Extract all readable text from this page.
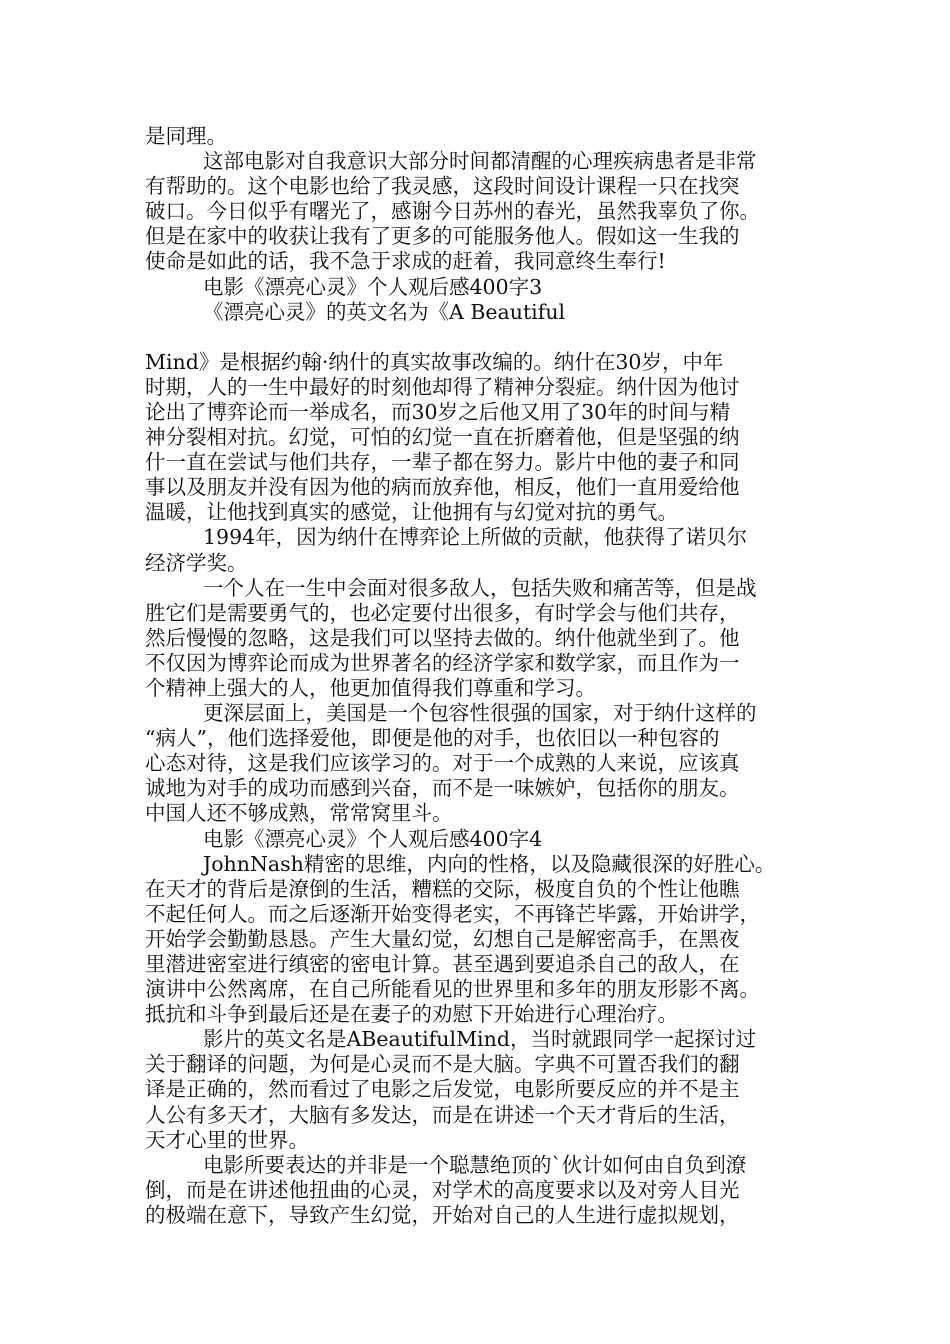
是同理。
这部电影对自我意识大部分时间都清醒的心理疾病患者是非常
有帮助的。这个电影也给了我灵感，这段时间设计课程一只在找突
破口。今日似乎有曙光了，感谢今日苏州的春光，虽然我辜负了你。
但是在家中的收获让我有了更多的可能服务他人。假如这一生我的
使命是如此的话，我不急于求成的赶着，我同意终生奉行!
电影《漂亮心灵》个人观后感400字3
《漂亮心灵》的英文名为《A Beautiful
Mind》是根据约翰·纳什的真实故事改编的。纳什在30岁，中年
时期，人的一生中最好的时刻他却得了精神分裂症。纳什因为他讨
论出了博弈论而一举成名，而30岁之后他又用了30年的时间与精
神分裂相对抗。幻觉，可怕的幻觉一直在折磨着他，但是坚强的纳
什一直在尝试与他们共存，一辈子都在努力。影片中他的妻子和同
事以及朋友并没有因为他的病而放弃他，相反，他们一直用爱给他
温暖，让他找到真实的感觉，让他拥有与幻觉对抗的勇气。
1994年，因为纳什在博弈论上所做的贡献，他获得了诺贝尔
经济学奖。
一个人在一生中会面对很多敌人，包括失败和痛苦等，但是战
胜它们是需要勇气的，也必定要付出很多，有时学会与他们共存，
然后慢慢的忽略，这是我们可以坚持去做的。纳什他就坐到了。他
不仅因为博弈论而成为世界著名的经济学家和数学家，而且作为一
个精神上强大的人，他更加值得我们尊重和学习。
更深层面上，美国是一个包容性很强的国家，对于纳什这样的
“病人”，他们选择爱他，即便是他的对手，也依旧以一种包容的
心态对待，这是我们应该学习的。对于一个成熟的人来说，应该真
诚地为对手的成功而感到兴奋，而不是一味嫉妒，包括你的朋友。
中国人还不够成熟，常常窝里斗。
电影《漂亮心灵》个人观后感400字4
JohnNash精密的思维，内向的性格，以及隐藏很深的好胜心。
在天才的背后是潦倒的生活，糟糕的交际，极度自负的个性让他瞧
不起任何人。而之后逐渐开始变得老实，不再锋芒毕露，开始讲学，
开始学会勤勤恳恳。产生大量幻觉，幻想自己是解密高手，在黑夜
里潜进密室进行缜密的密电计算。甚至遇到要追杀自己的敌人，在
演讲中公然离席，在自己所能看见的世界里和多年的朋友形影不离。
抵抗和斗争到最后还是在妻子的劝慰下开始进行心理治疗。
影片的英文名是ABeautifulMind，当时就跟同学一起探讨过
关于翻译的问题，为何是心灵而不是大脑。字典不可置否我们的翻
译是正确的，然而看过了电影之后发觉，电影所要反应的并不是主
人公有多天才，大脑有多发达，而是在讲述一个天才背后的生活，
天才心里的世界。
电影所要表达的并非是一个聪慧绝顶的`伙计如何由自负到潦
倒，而是在讲述他扭曲的心灵，对学术的高度要求以及对旁人目光
的极端在意下，导致产生幻觉，开始对自己的人生进行虚拟规划，
